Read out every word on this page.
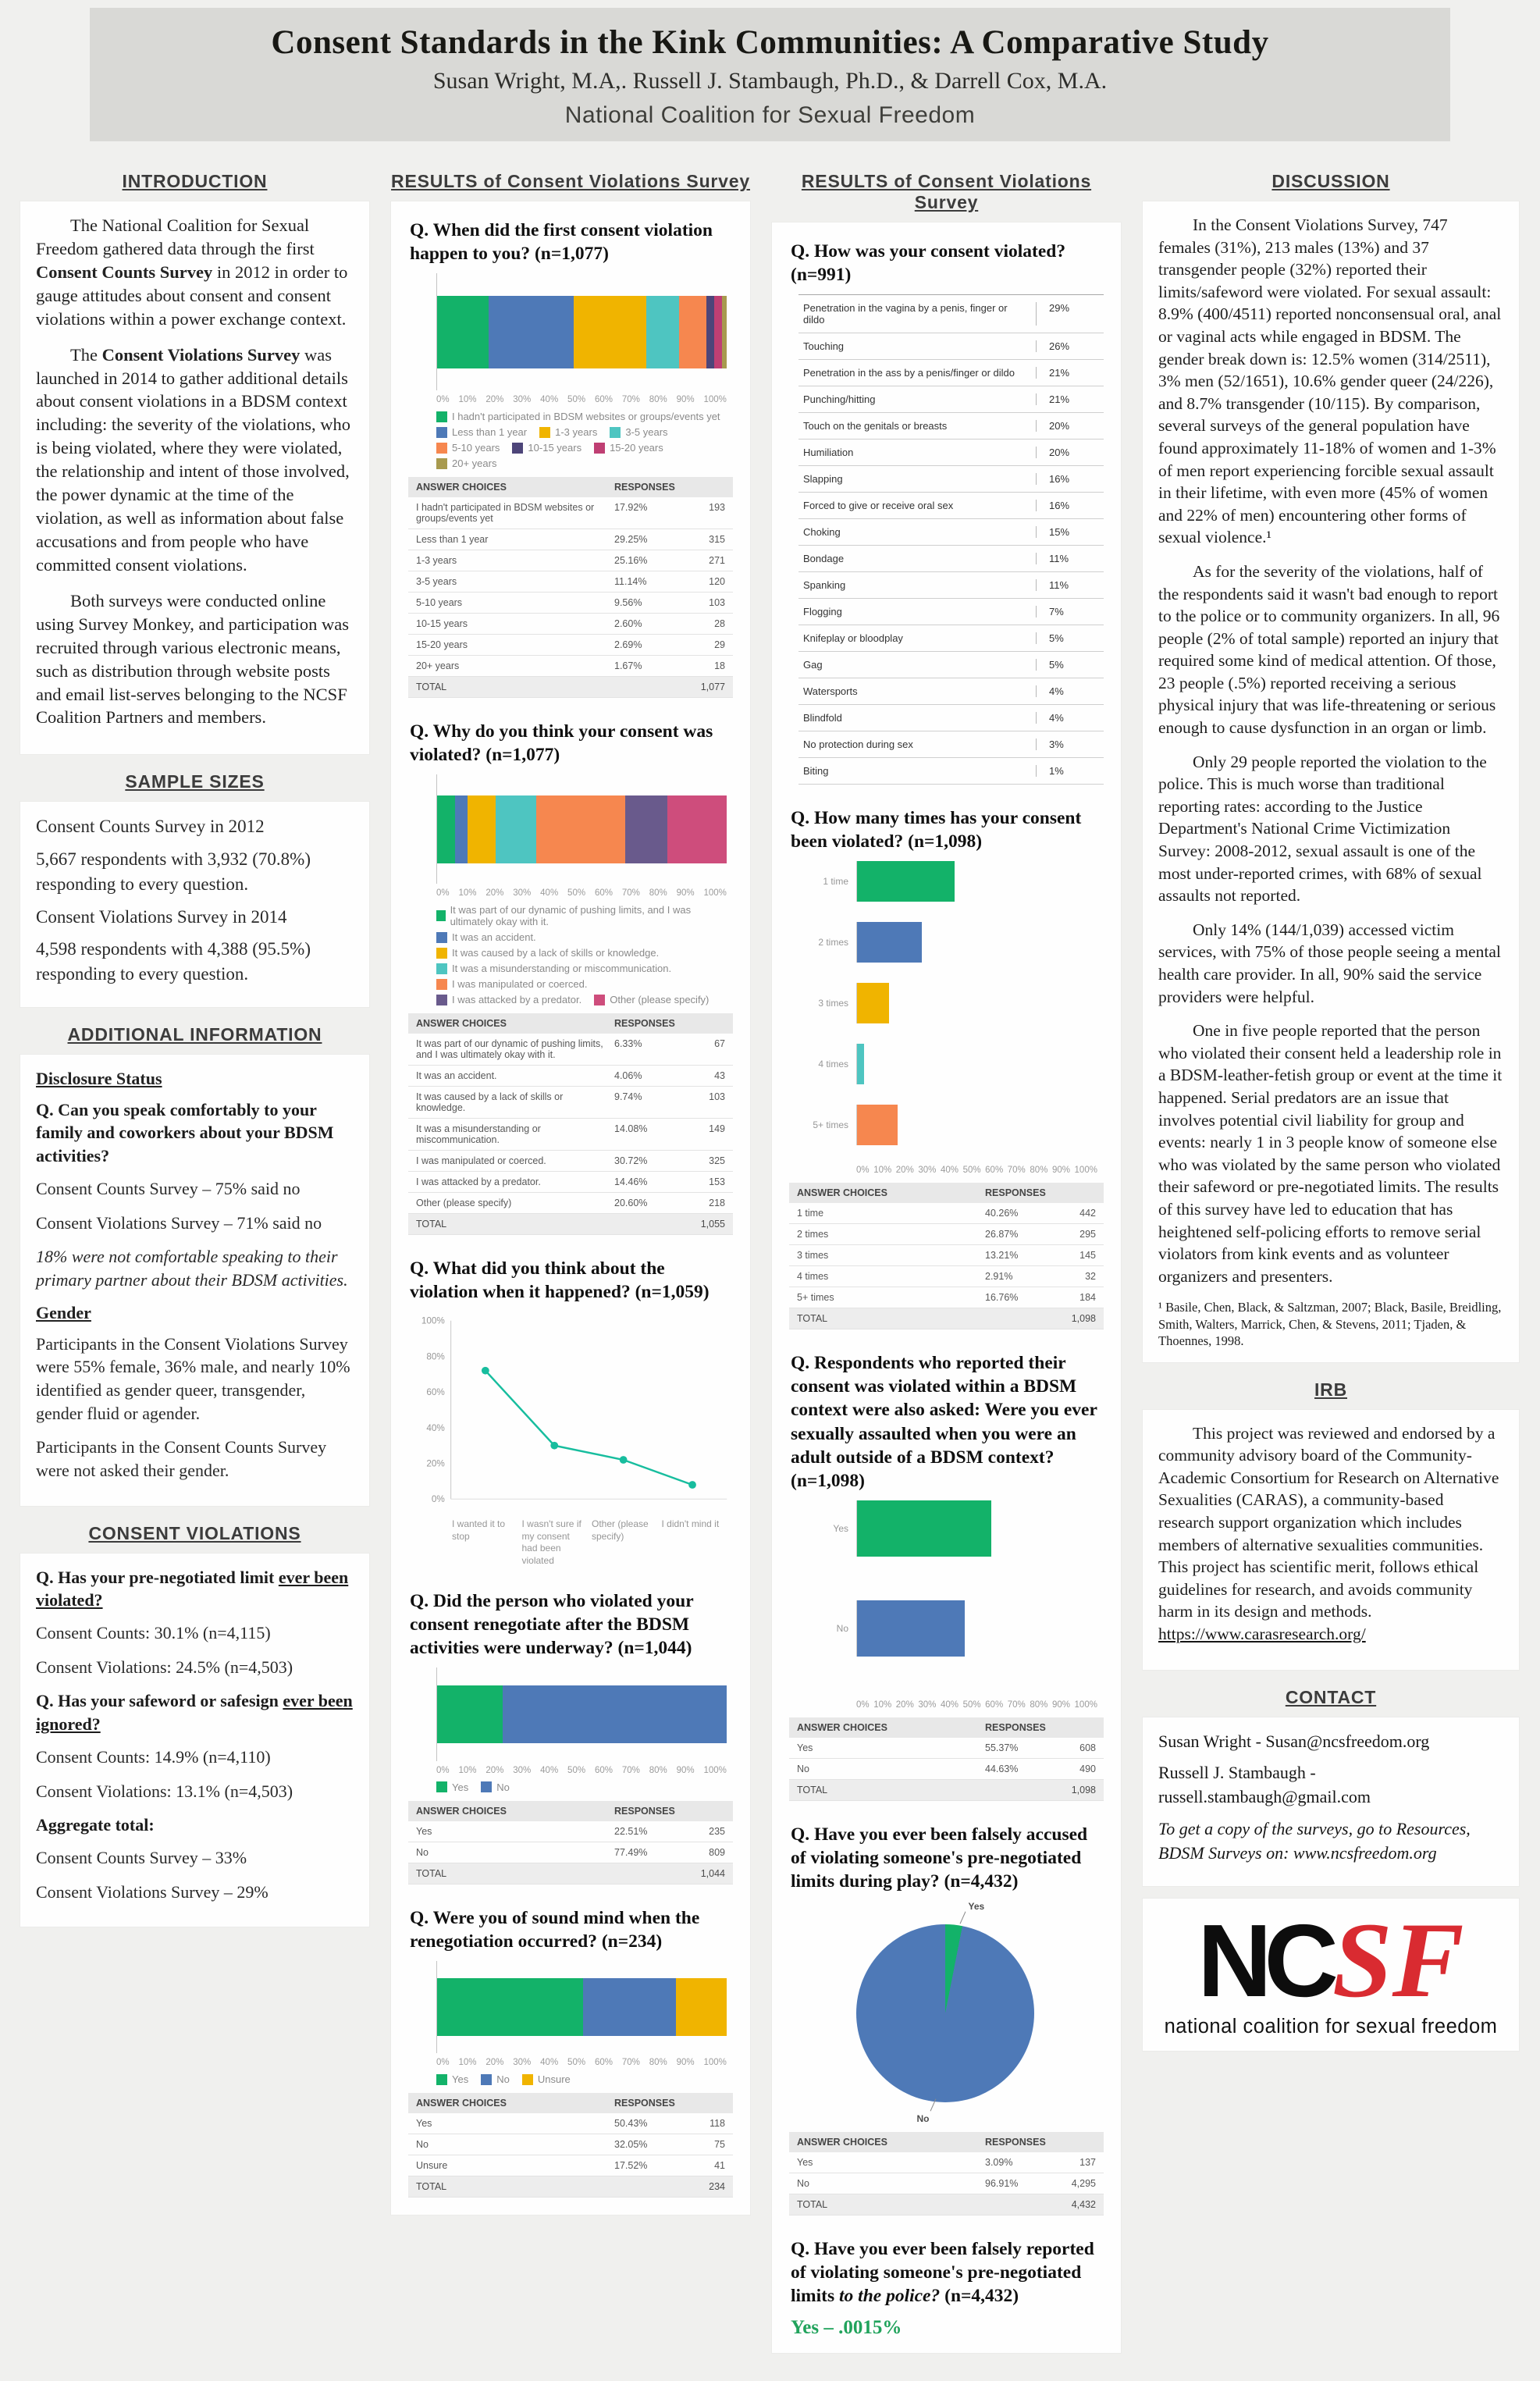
Consent Standards in the Kink Communities: A Comparative Study
Susan Wright, M.A,. Russell J. Stambaugh, Ph.D., & Darrell Cox, M.A.
National Coalition for Sexual Freedom
INTRODUCTION

The National Coalition for Sexual Freedom gathered data through the first Consent Counts Survey in 2012 in order to gauge attitudes about consent and consent violations within a power exchange context.

The Consent Violations Survey was launched in 2014 to gather additional details about consent violations in a BDSM context including: the severity of the violations, who is being violated, where they were violated, the relationship and intent of those involved, the power dynamic at the time of the violation, as well as information about false accusations and from people who have committed consent violations.

Both surveys were conducted online using Survey Monkey, and participation was recruited through various electronic means, such as distribution through website posts and email list-serves belonging to the NCSF Coalition Partners and members.

SAMPLE SIZES

Consent Counts Survey in 2012

5,667 respondents with 3,932 (70.8%) responding to every question.

Consent Violations Survey in 2014

4,598 respondents with 4,388 (95.5%) responding to every question.

ADDITIONAL INFORMATION

Disclosure Status

Q. Can you speak comfortably to your family and coworkers about your BDSM activities?

Consent Counts Survey – 75% said no

Consent Violations Survey – 71% said no

18% were not comfortable speaking to their primary partner about their BDSM activities.

Gender

Participants in the Consent Violations Survey were 55% female, 36% male, and nearly 10% identified as gender queer, transgender, gender fluid or agender.

Participants in the Consent Counts Survey were not asked their gender.

CONSENT VIOLATIONS

Q. Has your pre-negotiated limit ever been violated?

Consent Counts: 30.1% (n=4,115)

Consent Violations: 24.5% (n=4,503)

Q. Has your safeword or safesign ever been ignored?

Consent Counts: 14.9% (n=4,110)

Consent Violations: 13.1% (n=4,503)

Aggregate total:

Consent Counts Survey – 33%

Consent Violations Survey – 29%

RESULTS of Consent Violations Survey

Q. When did the first consent violation happen to you? (n=1,077)

0% 10% 20% 30% 40% 50% 60% 70% 80% 90% 100%
I hadn't participated in BDSM websites or groups/events yet
Less than 1 year	1-3 years	3-5 years
5-10 years	10-15 years	15-20 years
20+ years
ANSWER CHOICES	RESPONSES
I hadn't participated in BDSM websites or groups/events yet
17.92%	193
Less than 1 year	29.25%	315
1-3 years	25.16%	271
3-5 years	11.14%	120
5-10 years	9.56%	103
10-15 years	2.60%	28
15-20 years	2.69%	29
20+ years	1.67%	18
TOTAL	1,077

Q. Why do you think your consent was violated? (n=1,077)

0% 10% 20% 30% 40% 50% 60% 70% 80% 90% 100%
It was part of our dynamic of pushing limits, and I was ultimately okay with it.
It was an accident.
It was caused by a lack of skills or knowledge.
It was a misunderstanding or miscommunication.
I was manipulated or coerced.
I was attacked by a predator.	Other (please specify)
ANSWER CHOICES	RESPONSES
It was part of our dynamic of pushing limits, and I was ultimately okay with it.
6.33%	67
It was an accident.	4.06%	43
It was caused by a lack of skills or knowledge.
9.74%	103
It was a misunderstanding or miscommunication.
14.08%	149
I was manipulated or coerced.	30.72%	325
I was attacked by a predator.	14.46%	153
Other (please specify)	20.60%	218
TOTAL	1,055

Q. What did you think about the violation when it happened? (n=1,059)

100%
80%
60%
40%
20%
0%
I wanted it to stop
I wasn't sure if my consent had been violated
Other (please specify)
I didn't mind it

Q. Did the person who violated your consent renegotiate after the BDSM activities were underway? (n=1,044)

0% 10% 20% 30% 40% 50% 60% 70% 80% 90% 100%
Yes	No
ANSWER CHOICES	RESPONSES
Yes	22.51%	235
No	77.49%	809
TOTAL	1,044

Q. Were you of sound mind when the renegotiation occurred? (n=234)

0% 10% 20% 30% 40% 50% 60% 70% 80% 90% 100%
Yes	No	Unsure
ANSWER CHOICES	RESPONSES
Yes	50.43%	118
No	32.05%	75
Unsure	17.52%	41
TOTAL	234
RESULTS of Consent Violations Survey

Q. How was your consent violated? (n=991)

Penetration in the vagina by a penis, finger or dildo
29%
Touching	26%
Penetration in the ass by a penis/finger or dildo	21%
Punching/hitting	21%
Touch on the genitals or breasts	20%
Humiliation	20%
Slapping	16%
Forced to give or receive oral sex	16%
Choking	15%
Bondage	11%
Spanking	11%
Flogging	7%
Knifeplay or bloodplay	5%
Gag	5%
Watersports	4%
Blindfold	4%
No protection during sex	3%
Biting	1%

Q. How many times has your consent been violated? (n=1,098)

1 time
2 times
3 times
4 times
5+ times
0% 10% 20% 30% 40% 50% 60% 70% 80% 90% 100%
ANSWER CHOICES	RESPONSES
1 time	40.26%	442
2 times	26.87%	295
3 times	13.21%	145
4 times	2.91%	32
5+ times	16.76%	184
TOTAL	1,098

Q. Respondents who reported their consent was violated within a BDSM context were also asked: Were you ever sexually assaulted when you were an adult outside of a BDSM context? (n=1,098)

Yes
No
0% 10% 20% 30% 40% 50% 60% 70% 80% 90% 100%
ANSWER CHOICES	RESPONSES
Yes	55.37%	608
No	44.63%	490
TOTAL	1,098

Q. Have you ever been falsely accused of violating someone's pre-negotiated limits during play? (n=4,432)

Yes
No
ANSWER CHOICES	RESPONSES
Yes	3.09%	137
No	96.91%	4,295
TOTAL	4,432

Q. Have you ever been falsely reported of violating someone's pre-negotiated limits to the police? (n=4,432)

Yes – .0015%

DISCUSSION

In the Consent Violations Survey, 747 females (31%), 213 males (13%) and 37 transgender people (32%) reported their limits/safeword were violated. For sexual assault: 8.9% (400/4511) reported nonconsensual oral, anal or vaginal acts while engaged in BDSM. The gender break down is: 12.5% women (314/2511), 3% men (52/1651), 10.6% gender queer (24/226), and 8.7% transgender (10/115). By comparison, several surveys of the general population have found approximately 11-18% of women and 1-3% of men report experiencing forcible sexual assault in their lifetime, with even more (45% of women and 22% of men) encountering other forms of sexual violence.¹

As for the severity of the violations, half of the respondents said it wasn't bad enough to report to the police or to community organizers. In all, 96 people (2% of total sample) reported an injury that required some kind of medical attention. Of those, 23 people (.5%) reported receiving a serious physical injury that was life-threatening or serious enough to cause dysfunction in an organ or limb.

Only 29 people reported the violation to the police. This is much worse than traditional reporting rates: according to the Justice Department's National Crime Victimization Survey: 2008-2012, sexual assault is one of the most under-reported crimes, with 68% of sexual assaults not reported.

Only 14% (144/1,039) accessed victim services, with 75% of those people seeing a mental health care provider. In all, 90% said the service providers were helpful.

One in five people reported that the person who violated their consent held a leadership role in a BDSM-leather-fetish group or event at the time it happened. Serial predators are an issue that involves potential civil liability for group and events: nearly 1 in 3 people know of someone else who was violated by the same person who violated their safeword or pre-negotiated limits. The results of this survey have led to education that has heightened self-policing efforts to remove serial violators from kink events and as volunteer organizers and presenters.

¹ Basile, Chen, Black, & Saltzman, 2007; Black, Basile, Breidling, Smith, Walters, Marrick, Chen, & Stevens, 2011; Tjaden, & Thoennes, 1998.

IRB

This project was reviewed and endorsed by a community advisory board of the Community-Academic Consortium for Research on Alternative Sexualities (CARAS), a community-based research support organization which includes members of alternative sexualities communities. This project has scientific merit, follows ethical guidelines for research, and avoids community harm in its design and methods. https://www.carasresearch.org/

CONTACT

Susan Wright - Susan@ncsfreedom.org

Russell J. Stambaugh - russell.stambaugh@gmail.com

To get a copy of the surveys, go to Resources, BDSM Surveys on: www.ncsfreedom.org

NCSF
national coalition for sexual freedom
